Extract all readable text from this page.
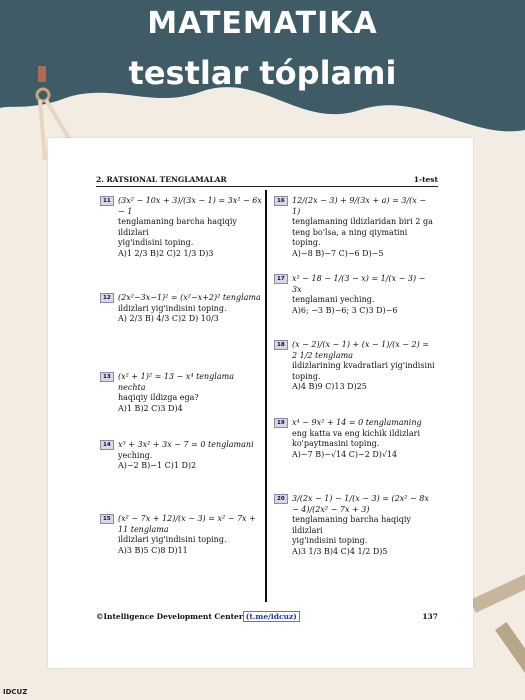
MATEMATIKA
testlar tóplami
2. RATSIONAL TENGLAMALAR	1-test
11 (3x² − 10x + 3)/(3x − 1) = 3x² − 6x − 1
tenglamaning barcha haqiqiy ildizlari
yig'indisini toping.
A)1 2/3 B)2 C)2 1/3 D)3
12 (2x²−3x−1)² = (x²−x+2)² tenglama
ildizlari yig'indisini toping.
A) 2/3 B) 4/3 C)2 D) 10/3
13 (x² + 1)² = 13 − x⁴ tenglama nechta
haqiqiy ildizga ega?
A)1 B)2 C)3 D)4
14 x³ + 3x² + 3x − 7 = 0 tenglamani
yeching.
A)−2 B)−1 C)1 D)2
15 (x² − 7x + 12)/(x − 3) = x² − 7x + 11 tenglama
ildizlari yig'indisini toping.
A)3 B)5 C)8 D)11
16 12/(2x − 3) + 9/(3x + a) = 3/(x − 1)
tenglamaning ildizlaridan biri 2 ga
teng bo'lsa, a ning qiymatini toping.
A)−8 B)−7 C)−6 D)−5
17 x² − 18 − 1/(3 − x) = 1/(x − 3) − 3x
tenglamani yeching.
A)6; −3 B)−6; 3 C)3 D)−6
18 (x − 2)/(x − 1) + (x − 1)/(x − 2) = 2 1/2 tenglama
ildizlarining kvadratlari yig'indisini
toping.
A)4 B)9 C)13 D)25
19 x⁴ − 9x² + 14 = 0 tenglamaning
eng katta va eng kichik ildizlari
ko'paytmasini toping.
A)−7 B)−√14 C)−2 D)√14
20 3/(2x − 1) − 1/(x − 3) = (2x² − 8x − 4)/(2x² − 7x + 3)
tenglamaning barcha haqiqiy ildizlari
yig'indisini toping.
A)3 1/3 B)4 C)4 1/2 D)5
©Intelligence Development Center (t.me/idcuz)	137
IDCUZ
